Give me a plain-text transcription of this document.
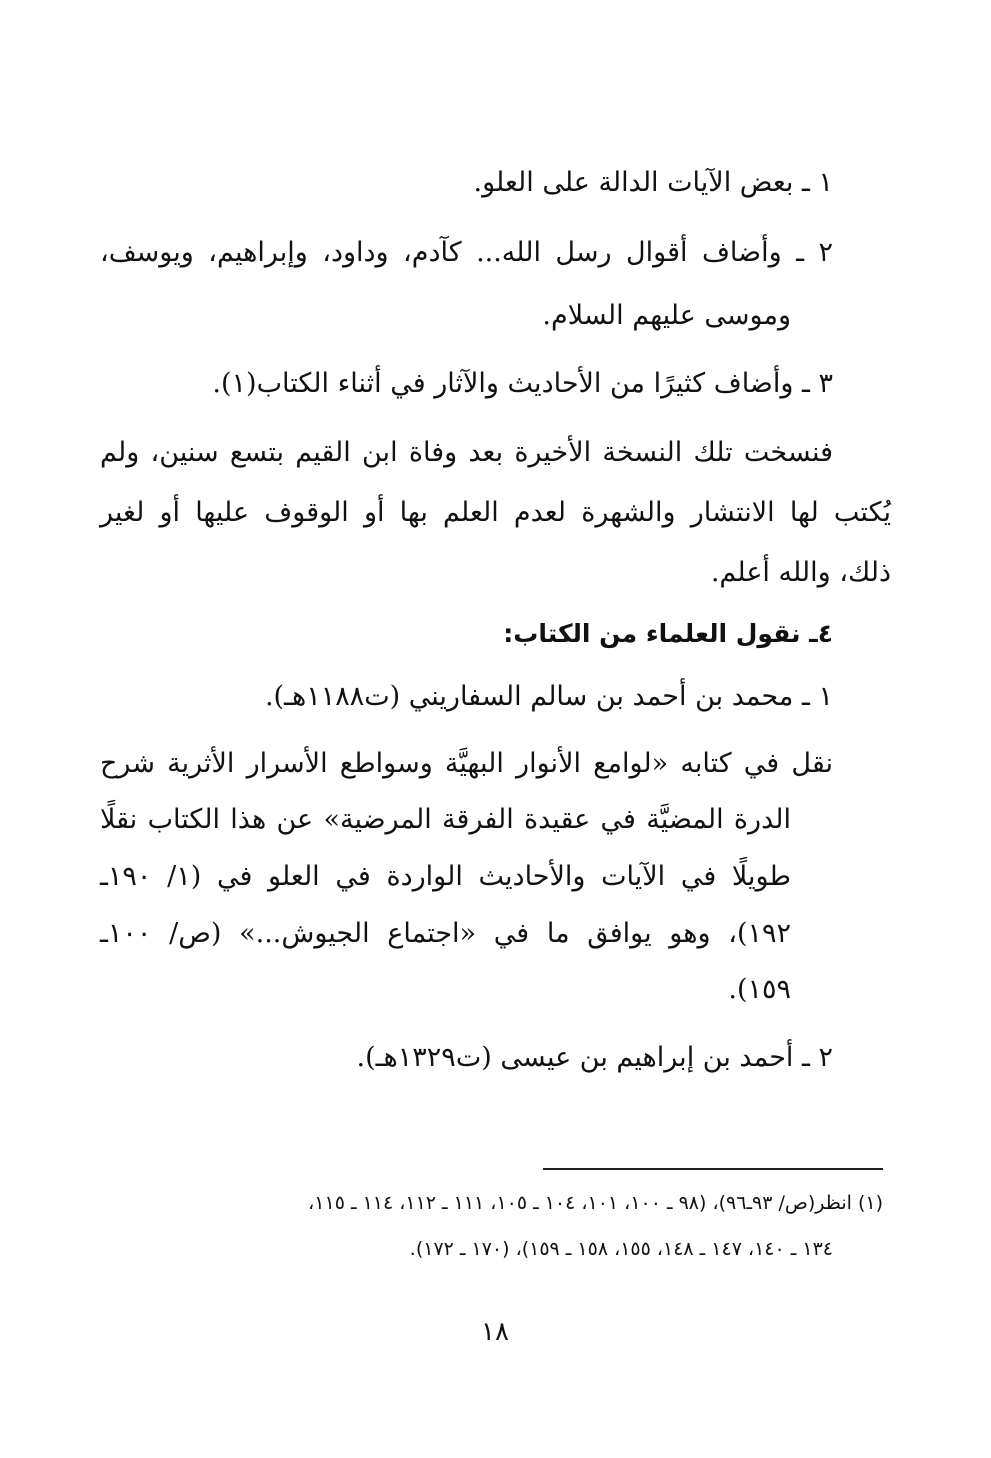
١ ـ بعض الآيات الدالة على العلو.
٢ ـ وأضاف أقوال رسل الله... كآدم، وداود، وإبراهيم، ويوسف،
وموسى عليهم السلام.
٣ ـ وأضاف كثيرًا من الأحاديث والآثار في أثناء الكتاب(١).
فنسخت تلك النسخة الأخيرة بعد وفاة ابن القيم بتسع سنين، ولم
يُكتب لها الانتشار والشهرة لعدم العلم بها أو الوقوف عليها أو لغير
ذلك، والله أعلم.
٤ـ نقول العلماء من الكتاب:
١ ـ محمد بن أحمد بن سالم السفاريني (ت١١٨٨هـ).
نقل في كتابه «لوامع الأنوار البهيَّة وسواطع الأسرار الأثرية شرح
الدرة المضيَّة في عقيدة الفرقة المرضية» عن هذا الكتاب نقلًا
طويلًا في الآيات والأحاديث الواردة في العلو في (١/ ١٩٠ـ
١٩٢)، وهو يوافق ما في «اجتماع الجيوش...» (ص/ ١٠٠ـ
١٥٩).
٢ ـ أحمد بن إبراهيم بن عيسى (ت١٣٢٩هـ).
(١) انظر(ص/ ٩٣ـ٩٦)، (٩٨ ـ ١٠٠، ١٠١، ١٠٤ ـ ١٠٥، ١١١ ـ ١١٢، ١١٤ ـ ١١٥،
١٣٤ ـ ١٤٠، ١٤٧ ـ ١٤٨، ١٥٥، ١٥٨ ـ ١٥٩)، (١٧٠ ـ ١٧٢).
١٨
